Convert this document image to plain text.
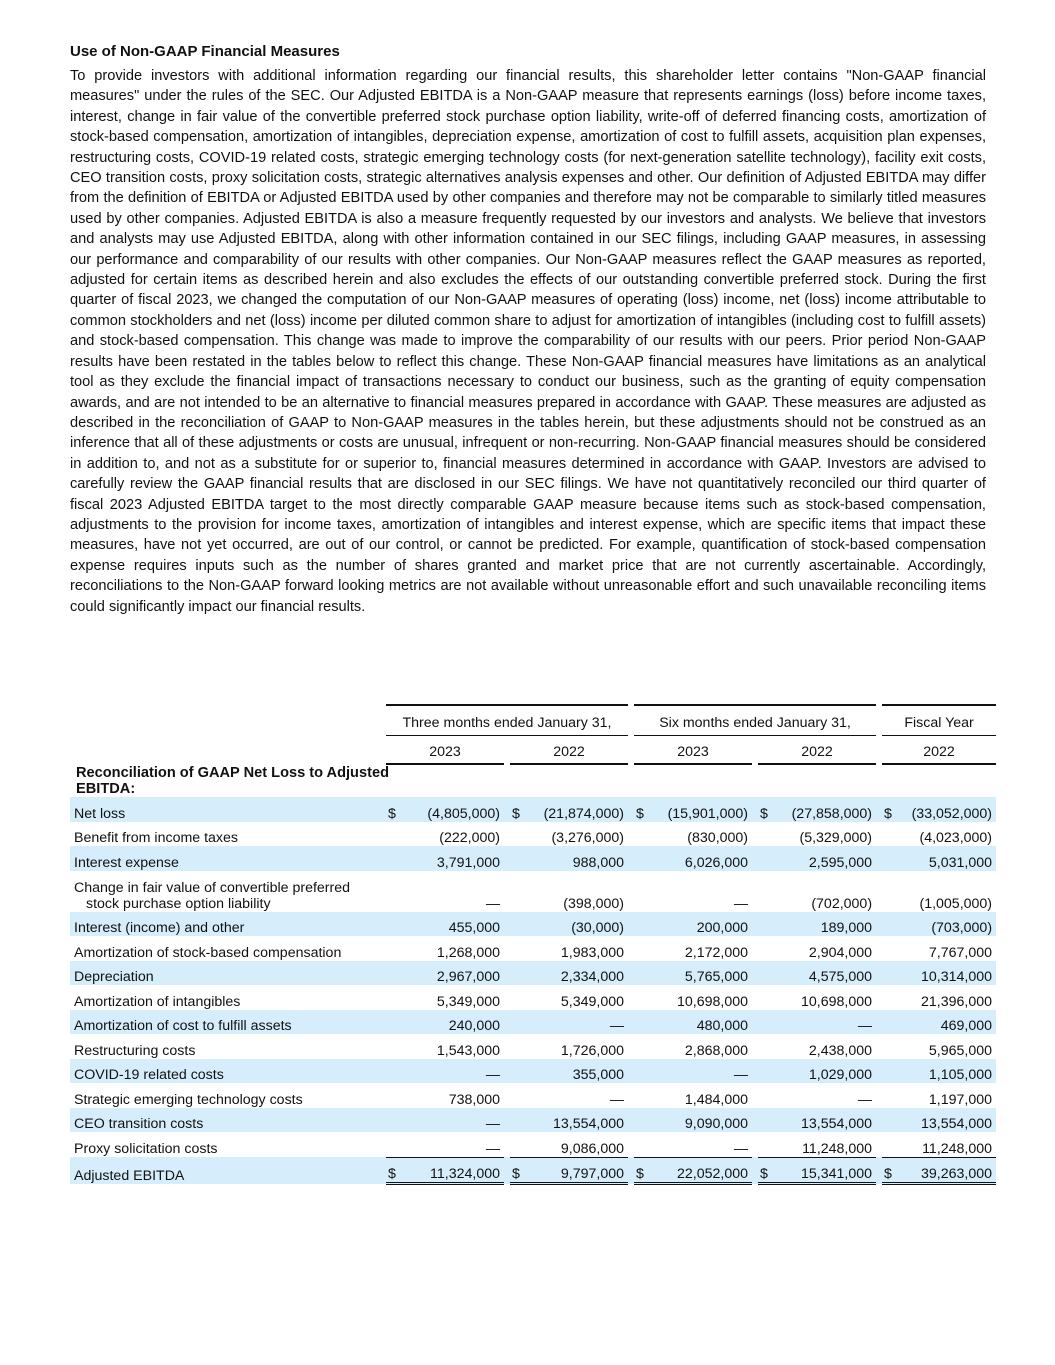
Use of Non-GAAP Financial Measures

To provide investors with additional information regarding our financial results, this shareholder letter contains "Non-GAAP financial measures" under the rules of the SEC. Our Adjusted EBITDA is a Non-GAAP measure that represents earnings (loss) before income taxes, interest, change in fair value of the convertible preferred stock purchase option liability, write-off of deferred financing costs, amortization of stock-based compensation, amortization of intangibles, depreciation expense, amortization of cost to fulfill assets, acquisition plan expenses, restructuring costs, COVID-19 related costs, strategic emerging technology costs (for next-generation satellite technology), facility exit costs, CEO transition costs, proxy solicitation costs, strategic alternatives analysis expenses and other. Our definition of Adjusted EBITDA may differ from the definition of EBITDA or Adjusted EBITDA used by other companies and therefore may not be comparable to similarly titled measures used by other companies. Adjusted EBITDA is also a measure frequently requested by our investors and analysts. We believe that investors and analysts may use Adjusted EBITDA, along with other information contained in our SEC filings, including GAAP measures, in assessing our performance and comparability of our results with other companies. Our Non-GAAP measures reflect the GAAP measures as reported, adjusted for certain items as described herein and also excludes the effects of our outstanding convertible preferred stock. During the first quarter of fiscal 2023, we changed the computation of our Non-GAAP measures of operating (loss) income, net (loss) income attributable to common stockholders and net (loss) income per diluted common share to adjust for amortization of intangibles (including cost to fulfill assets) and stock-based compensation. This change was made to improve the comparability of our results with our peers. Prior period Non-GAAP results have been restated in the tables below to reflect this change. These Non-GAAP financial measures have limitations as an analytical tool as they exclude the financial impact of transactions necessary to conduct our business, such as the granting of equity compensation awards, and are not intended to be an alternative to financial measures prepared in accordance with GAAP. These measures are adjusted as described in the reconciliation of GAAP to Non-GAAP measures in the tables herein, but these adjustments should not be construed as an inference that all of these adjustments or costs are unusual, infrequent or non-recurring. Non-GAAP financial measures should be considered in addition to, and not as a substitute for or superior to, financial measures determined in accordance with GAAP. Investors are advised to carefully review the GAAP financial results that are disclosed in our SEC filings. We have not quantitatively reconciled our third quarter of fiscal 2023 Adjusted EBITDA target to the most directly comparable GAAP measure because items such as stock-based compensation, adjustments to the provision for income taxes, amortization of intangibles and interest expense, which are specific items that impact these measures, have not yet occurred, are out of our control, or cannot be predicted. For example, quantification of stock-based compensation expense requires inputs such as the number of shares granted and market price that are not currently ascertainable. Accordingly, reconciliations to the Non-GAAP forward looking metrics are not available without unreasonable effort and such unavailable reconciling items could significantly impact our financial results.

	Three months ended January 31,						Six months ended January 31,						Fiscal Year	
	2023			2022			2023			2022			2022	
Reconciliation of GAAP Net Loss to Adjusted EBITDA:														
Net loss	$	(4,805,000)		$	(21,874,000)		$	(15,901,000)		$	(27,858,000)		$	(33,052,000)
Benefit from income taxes		(222,000)			(3,276,000)			(830,000)			(5,329,000)			(4,023,000)
Interest expense		3,791,000			988,000			6,026,000			2,595,000			5,031,000
Change in fair value of convertible preferred
stock purchase option liability		—			(398,000)			—			(702,000)			(1,005,000)
Interest (income) and other		455,000			(30,000)			200,000			189,000			(703,000)
Amortization of stock-based compensation		1,268,000			1,983,000			2,172,000			2,904,000			7,767,000
Depreciation		2,967,000			2,334,000			5,765,000			4,575,000			10,314,000
Amortization of intangibles		5,349,000			5,349,000			10,698,000			10,698,000			21,396,000
Amortization of cost to fulfill assets		240,000			—			480,000			—			469,000
Restructuring costs		1,543,000			1,726,000			2,868,000			2,438,000			5,965,000
COVID-19 related costs		—			355,000			—			1,029,000			1,105,000
Strategic emerging technology costs		738,000			—			1,484,000			—			1,197,000
CEO transition costs		—			13,554,000			9,090,000			13,554,000			13,554,000
Proxy solicitation costs		—			9,086,000			—			11,248,000			11,248,000
Adjusted EBITDA	$	11,324,000		$	9,797,000		$	22,052,000		$	15,341,000		$	39,263,000
